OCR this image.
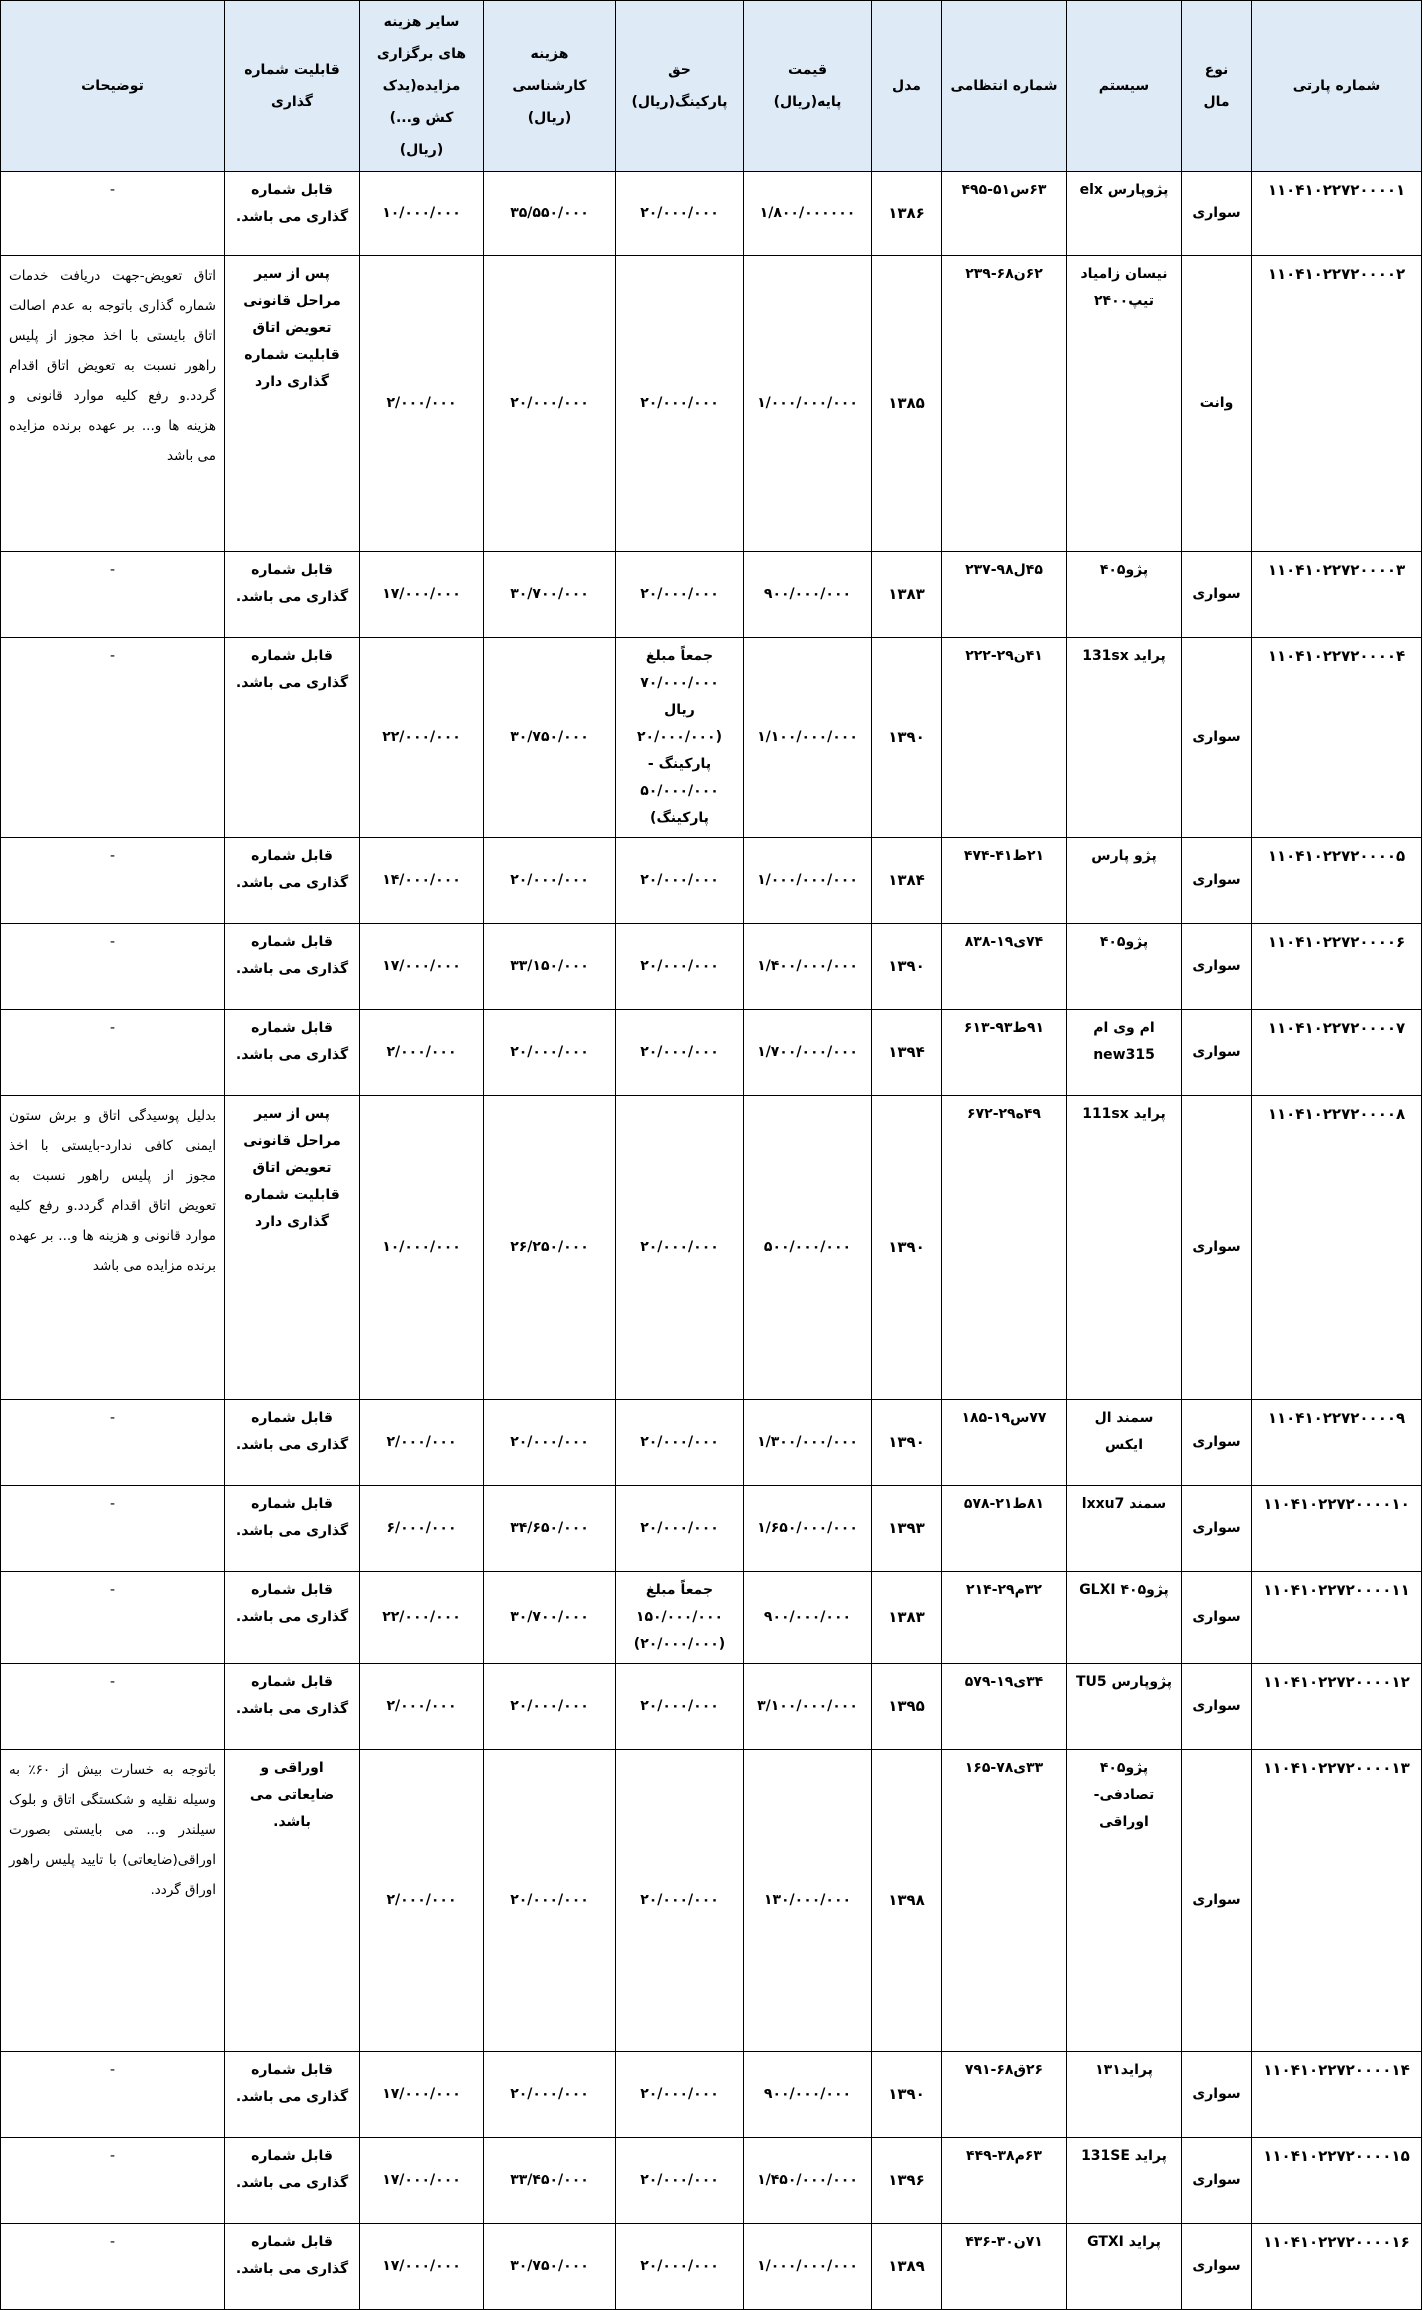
شماره پارتی	نوع مال	سیستم	شماره انتظامی	مدل	قیمت پایه(ریال)	حق پارکینگ(ریال)	هزینه کارشناسی (ریال)	سایر هزینه های برگزاری مزایده(یدک کش و...)(ریال)	قابلیت شماره گذاری	توضیحات
۱۱۰۴۱۰۲۲۷۲۰۰۰۰۱	سواری	پژوپارس elx	۶۳س۵۱-۴۹۵	۱۳۸۶	۱/۸۰۰/۰۰۰۰۰۰	۲۰/۰۰۰/۰۰۰	۳۵/۵۵۰/۰۰۰	۱۰/۰۰۰/۰۰۰	قابل شماره گذاری می باشد.	-
۱۱۰۴۱۰۲۲۷۲۰۰۰۰۲	وانت	نیسان زامیاد تیپ۲۴۰۰	۶۲ن۶۸-۲۳۹	۱۳۸۵	۱/۰۰۰/۰۰۰/۰۰۰	۲۰/۰۰۰/۰۰۰	۲۰/۰۰۰/۰۰۰	۲/۰۰۰/۰۰۰	پس از سیر مراحل قانونی تعویض اتاق قابلیت شماره گذاری دارد	اتاق تعویض-جهت دریافت خدمات شماره گذاری باتوجه به عدم اصالت اتاق بایستی با اخذ مجوز از پلیس راهور نسبت به تعویض اتاق اقدام گردد.و رفع کلیه موارد قانونی و هزینه ها و... بر عهده برنده مزایده می باشد
۱۱۰۴۱۰۲۲۷۲۰۰۰۰۳	سواری	پژو۴۰۵	۴۵ل۹۸-۲۳۷	۱۳۸۳	۹۰۰/۰۰۰/۰۰۰	۲۰/۰۰۰/۰۰۰	۳۰/۷۰۰/۰۰۰	۱۷/۰۰۰/۰۰۰	قابل شماره گذاری می باشد.	-
۱۱۰۴۱۰۲۲۷۲۰۰۰۰۴	سواری	پراید 131sx	۴۱ن۲۹-۲۲۲	۱۳۹۰	۱/۱۰۰/۰۰۰/۰۰۰	جمعاً مبلغ ۷۰/۰۰۰/۰۰۰ ریال (۲۰/۰۰۰/۰۰۰ پارکینگ - ۵۰/۰۰۰/۰۰۰ پارکینگ)	۳۰/۷۵۰/۰۰۰	۲۲/۰۰۰/۰۰۰	قابل شماره گذاری می باشد.	-
۱۱۰۴۱۰۲۲۷۲۰۰۰۰۵	سواری	پژو پارس	۲۱ط۴۱-۴۷۴	۱۳۸۴	۱/۰۰۰/۰۰۰/۰۰۰	۲۰/۰۰۰/۰۰۰	۲۰/۰۰۰/۰۰۰	۱۴/۰۰۰/۰۰۰	قابل شماره گذاری می باشد.	-
۱۱۰۴۱۰۲۲۷۲۰۰۰۰۶	سواری	پژو۴۰۵	۷۴ی۱۹-۸۳۸	۱۳۹۰	۱/۴۰۰/۰۰۰/۰۰۰	۲۰/۰۰۰/۰۰۰	۳۳/۱۵۰/۰۰۰	۱۷/۰۰۰/۰۰۰	قابل شماره گذاری می باشد.	-
۱۱۰۴۱۰۲۲۷۲۰۰۰۰۷	سواری	ام وی ام new315	۹۱ط۹۳-۶۱۳	۱۳۹۴	۱/۷۰۰/۰۰۰/۰۰۰	۲۰/۰۰۰/۰۰۰	۲۰/۰۰۰/۰۰۰	۲/۰۰۰/۰۰۰	قابل شماره گذاری می باشد.	-
۱۱۰۴۱۰۲۲۷۲۰۰۰۰۸	سواری	پراید 111sx	۴۹ه۲۹-۶۷۲	۱۳۹۰	۵۰۰/۰۰۰/۰۰۰	۲۰/۰۰۰/۰۰۰	۲۶/۲۵۰/۰۰۰	۱۰/۰۰۰/۰۰۰	پس از سیر مراحل قانونی تعویض اتاق قابلیت شماره گذاری دارد	بدلیل پوسیدگی اتاق و برش ستون ایمنی کافی ندارد-بایستی با اخذ مجوز از پلیس راهور نسبت به تعویض اتاق اقدام گردد.و رفع کلیه موارد قانونی و هزینه ها و... بر عهده برنده مزایده می باشد
۱۱۰۴۱۰۲۲۷۲۰۰۰۰۹	سواری	سمند ال ایکس	۷۷س۱۹-۱۸۵	۱۳۹۰	۱/۳۰۰/۰۰۰/۰۰۰	۲۰/۰۰۰/۰۰۰	۲۰/۰۰۰/۰۰۰	۲/۰۰۰/۰۰۰	قابل شماره گذاری می باشد.	-
۱۱۰۴۱۰۲۲۷۲۰۰۰۰۱۰	سواری	سمند lxxu7	۸۱ط۲۱-۵۷۸	۱۳۹۳	۱/۶۵۰/۰۰۰/۰۰۰	۲۰/۰۰۰/۰۰۰	۳۴/۶۵۰/۰۰۰	۶/۰۰۰/۰۰۰	قابل شماره گذاری می باشد.	-
۱۱۰۴۱۰۲۲۷۲۰۰۰۰۱۱	سواری	پژو۴۰۵ GLXI	۳۲م۲۹-۲۱۴	۱۳۸۳	۹۰۰/۰۰۰/۰۰۰	جمعاً مبلغ ۱۵۰/۰۰۰/۰۰۰ (۲۰/۰۰۰/۰۰۰)	۳۰/۷۰۰/۰۰۰	۲۲/۰۰۰/۰۰۰	قابل شماره گذاری می باشد.	-
۱۱۰۴۱۰۲۲۷۲۰۰۰۰۱۲	سواری	پژوپارس TU5	۳۴ی۱۹-۵۷۹	۱۳۹۵	۳/۱۰۰/۰۰۰/۰۰۰	۲۰/۰۰۰/۰۰۰	۲۰/۰۰۰/۰۰۰	۲/۰۰۰/۰۰۰	قابل شماره گذاری می باشد.	-
۱۱۰۴۱۰۲۲۷۲۰۰۰۰۱۳	سواری	پژو۴۰۵ تصادفی-اوراقی	۳۳ی۷۸-۱۶۵	۱۳۹۸	۱۳۰/۰۰۰/۰۰۰	۲۰/۰۰۰/۰۰۰	۲۰/۰۰۰/۰۰۰	۲/۰۰۰/۰۰۰	اوراقی و ضایعاتی می باشد.	باتوجه به خسارت بیش از ۶۰٪ به وسیله نقلیه و شکستگی اتاق و بلوک سیلندر و... می بایستی بصورت اوراقی(ضایعاتی) با تایید پلیس راهور اوراق گردد.
۱۱۰۴۱۰۲۲۷۲۰۰۰۰۱۴	سواری	پراید۱۳۱	۲۶ق۶۸-۷۹۱	۱۳۹۰	۹۰۰/۰۰۰/۰۰۰	۲۰/۰۰۰/۰۰۰	۲۰/۰۰۰/۰۰۰	۱۷/۰۰۰/۰۰۰	قابل شماره گذاری می باشد.	-
۱۱۰۴۱۰۲۲۷۲۰۰۰۰۱۵	سواری	پراید 131SE	۶۳م۳۸-۴۴۹	۱۳۹۶	۱/۴۵۰/۰۰۰/۰۰۰	۲۰/۰۰۰/۰۰۰	۳۳/۴۵۰/۰۰۰	۱۷/۰۰۰/۰۰۰	قابل شماره گذاری می باشد.	-
۱۱۰۴۱۰۲۲۷۲۰۰۰۰۱۶	سواری	پراید GTXI	۷۱ن۳۰-۴۳۶	۱۳۸۹	۱/۰۰۰/۰۰۰/۰۰۰	۲۰/۰۰۰/۰۰۰	۳۰/۷۵۰/۰۰۰	۱۷/۰۰۰/۰۰۰	قابل شماره گذاری می باشد.	-
